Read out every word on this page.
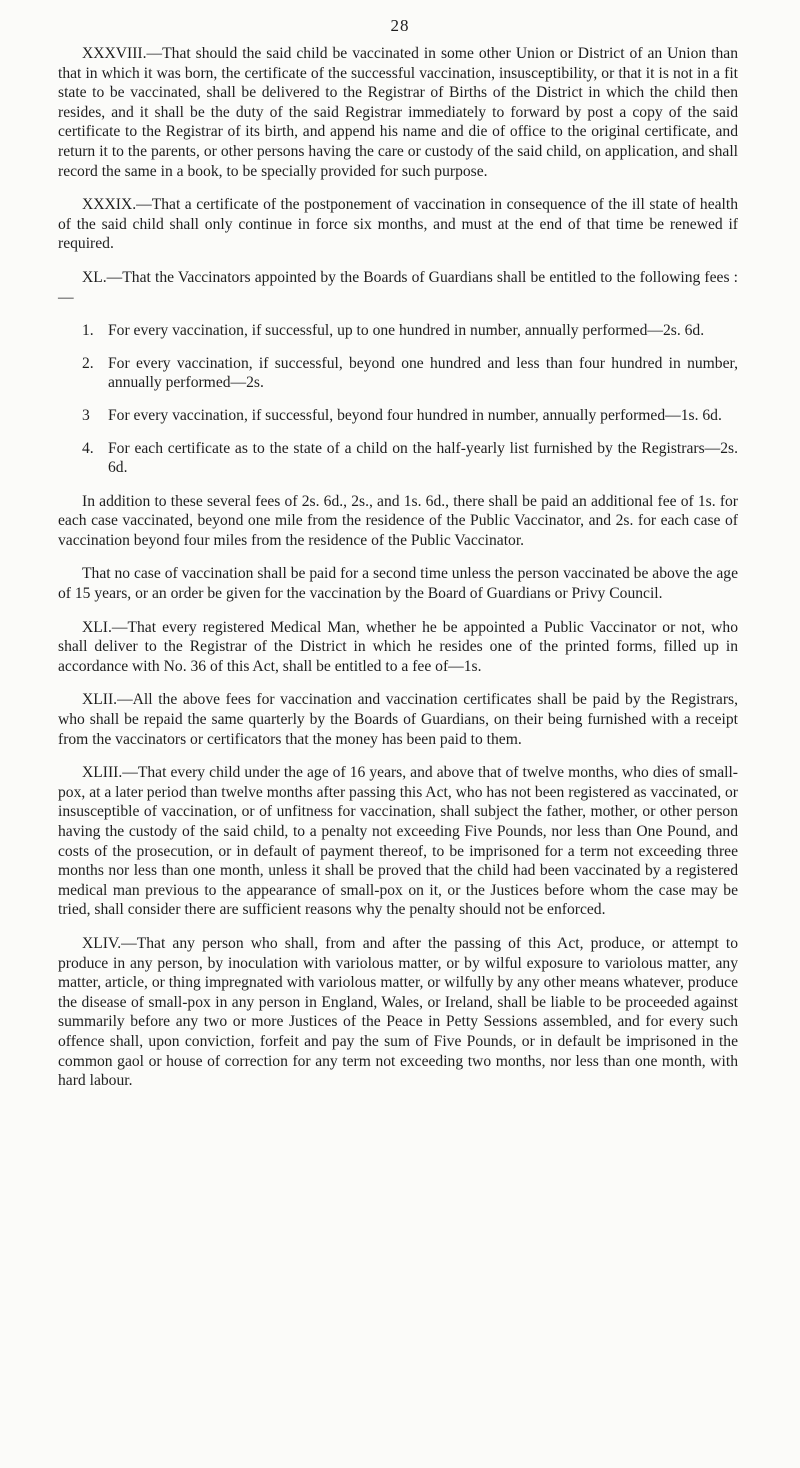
28

XXXVIII.—That should the said child be vaccinated in some other Union or District of an Union than that in which it was born, the certificate of the successful vaccination, insusceptibility, or that it is not in a fit state to be vaccinated, shall be delivered to the Registrar of Births of the District in which the child then resides, and it shall be the duty of the said Registrar immediately to forward by post a copy of the said certificate to the Registrar of its birth, and append his name and die of office to the original certificate, and return it to the parents, or other persons having the care or custody of the said child, on application, and shall record the same in a book, to be specially provided for such purpose.

XXXIX.—That a certificate of the postponement of vaccination in consequence of the ill state of health of the said child shall only continue in force six months, and must at the end of that time be renewed if required.

XL.—That the Vaccinators appointed by the Boards of Guardians shall be entitled to the following fees :—

1. For every vaccination, if successful, up to one hundred in number, annually performed—2s. 6d.
2. For every vaccination, if successful, beyond one hundred and less than four hundred in number, annually performed—2s.
3	For every vaccination, if successful, beyond four hundred in number, annually performed—1s. 6d.
4. For each certificate as to the state of a child on the half-yearly list furnished by the Registrars—2s. 6d.

In addition to these several fees of 2s. 6d., 2s., and 1s. 6d., there shall be paid an additional fee of 1s. for each case vaccinated, beyond one mile from the residence of the Public Vaccinator, and 2s. for each case of vaccination beyond four miles from the residence of the Public Vaccinator.

That no case of vaccination shall be paid for a second time unless the person vaccinated be above the age of 15 years, or an order be given for the vaccination by the Board of Guardians or Privy Council.

XLI.—That every registered Medical Man, whether he be appointed a Public Vaccinator or not, who shall deliver to the Registrar of the District in which he resides one of the printed forms, filled up in accordance with No. 36 of this Act, shall be entitled to a fee of—1s.

XLII.—All the above fees for vaccination and vaccination certificates shall be paid by the Registrars, who shall be repaid the same quarterly by the Boards of Guardians, on their being furnished with a receipt from the vaccinators or certificators that the money has been paid to them.

XLIII.—That every child under the age of 16 years, and above that of twelve months, who dies of small-pox, at a later period than twelve months after passing this Act, who has not been registered as vaccinated, or insusceptible of vaccination, or of unfitness for vaccination, shall subject the father, mother, or other person having the custody of the said child, to a penalty not exceeding Five Pounds, nor less than One Pound, and costs of the prosecution, or in default of payment thereof, to be imprisoned for a term not exceeding three months nor less than one month, unless it shall be proved that the child had been vaccinated by a registered medical man previous to the appearance of small-pox on it, or the Justices before whom the case may be tried, shall consider there are sufficient reasons why the penalty should not be enforced.

XLIV.—That any person who shall, from and after the passing of this Act, produce, or attempt to produce in any person, by inoculation with variolous matter, or by wilful exposure to variolous matter, any matter, article, or thing impregnated with variolous matter, or wilfully by any other means whatever, produce the disease of small-pox in any person in England, Wales, or Ireland, shall be liable to be proceeded against summarily before any two or more Justices of the Peace in Petty Sessions assembled, and for every such offence shall, upon conviction, forfeit and pay the sum of Five Pounds, or in default be imprisoned in the common gaol or house of correction for any term not exceeding two months, nor less than one month, with hard labour.
